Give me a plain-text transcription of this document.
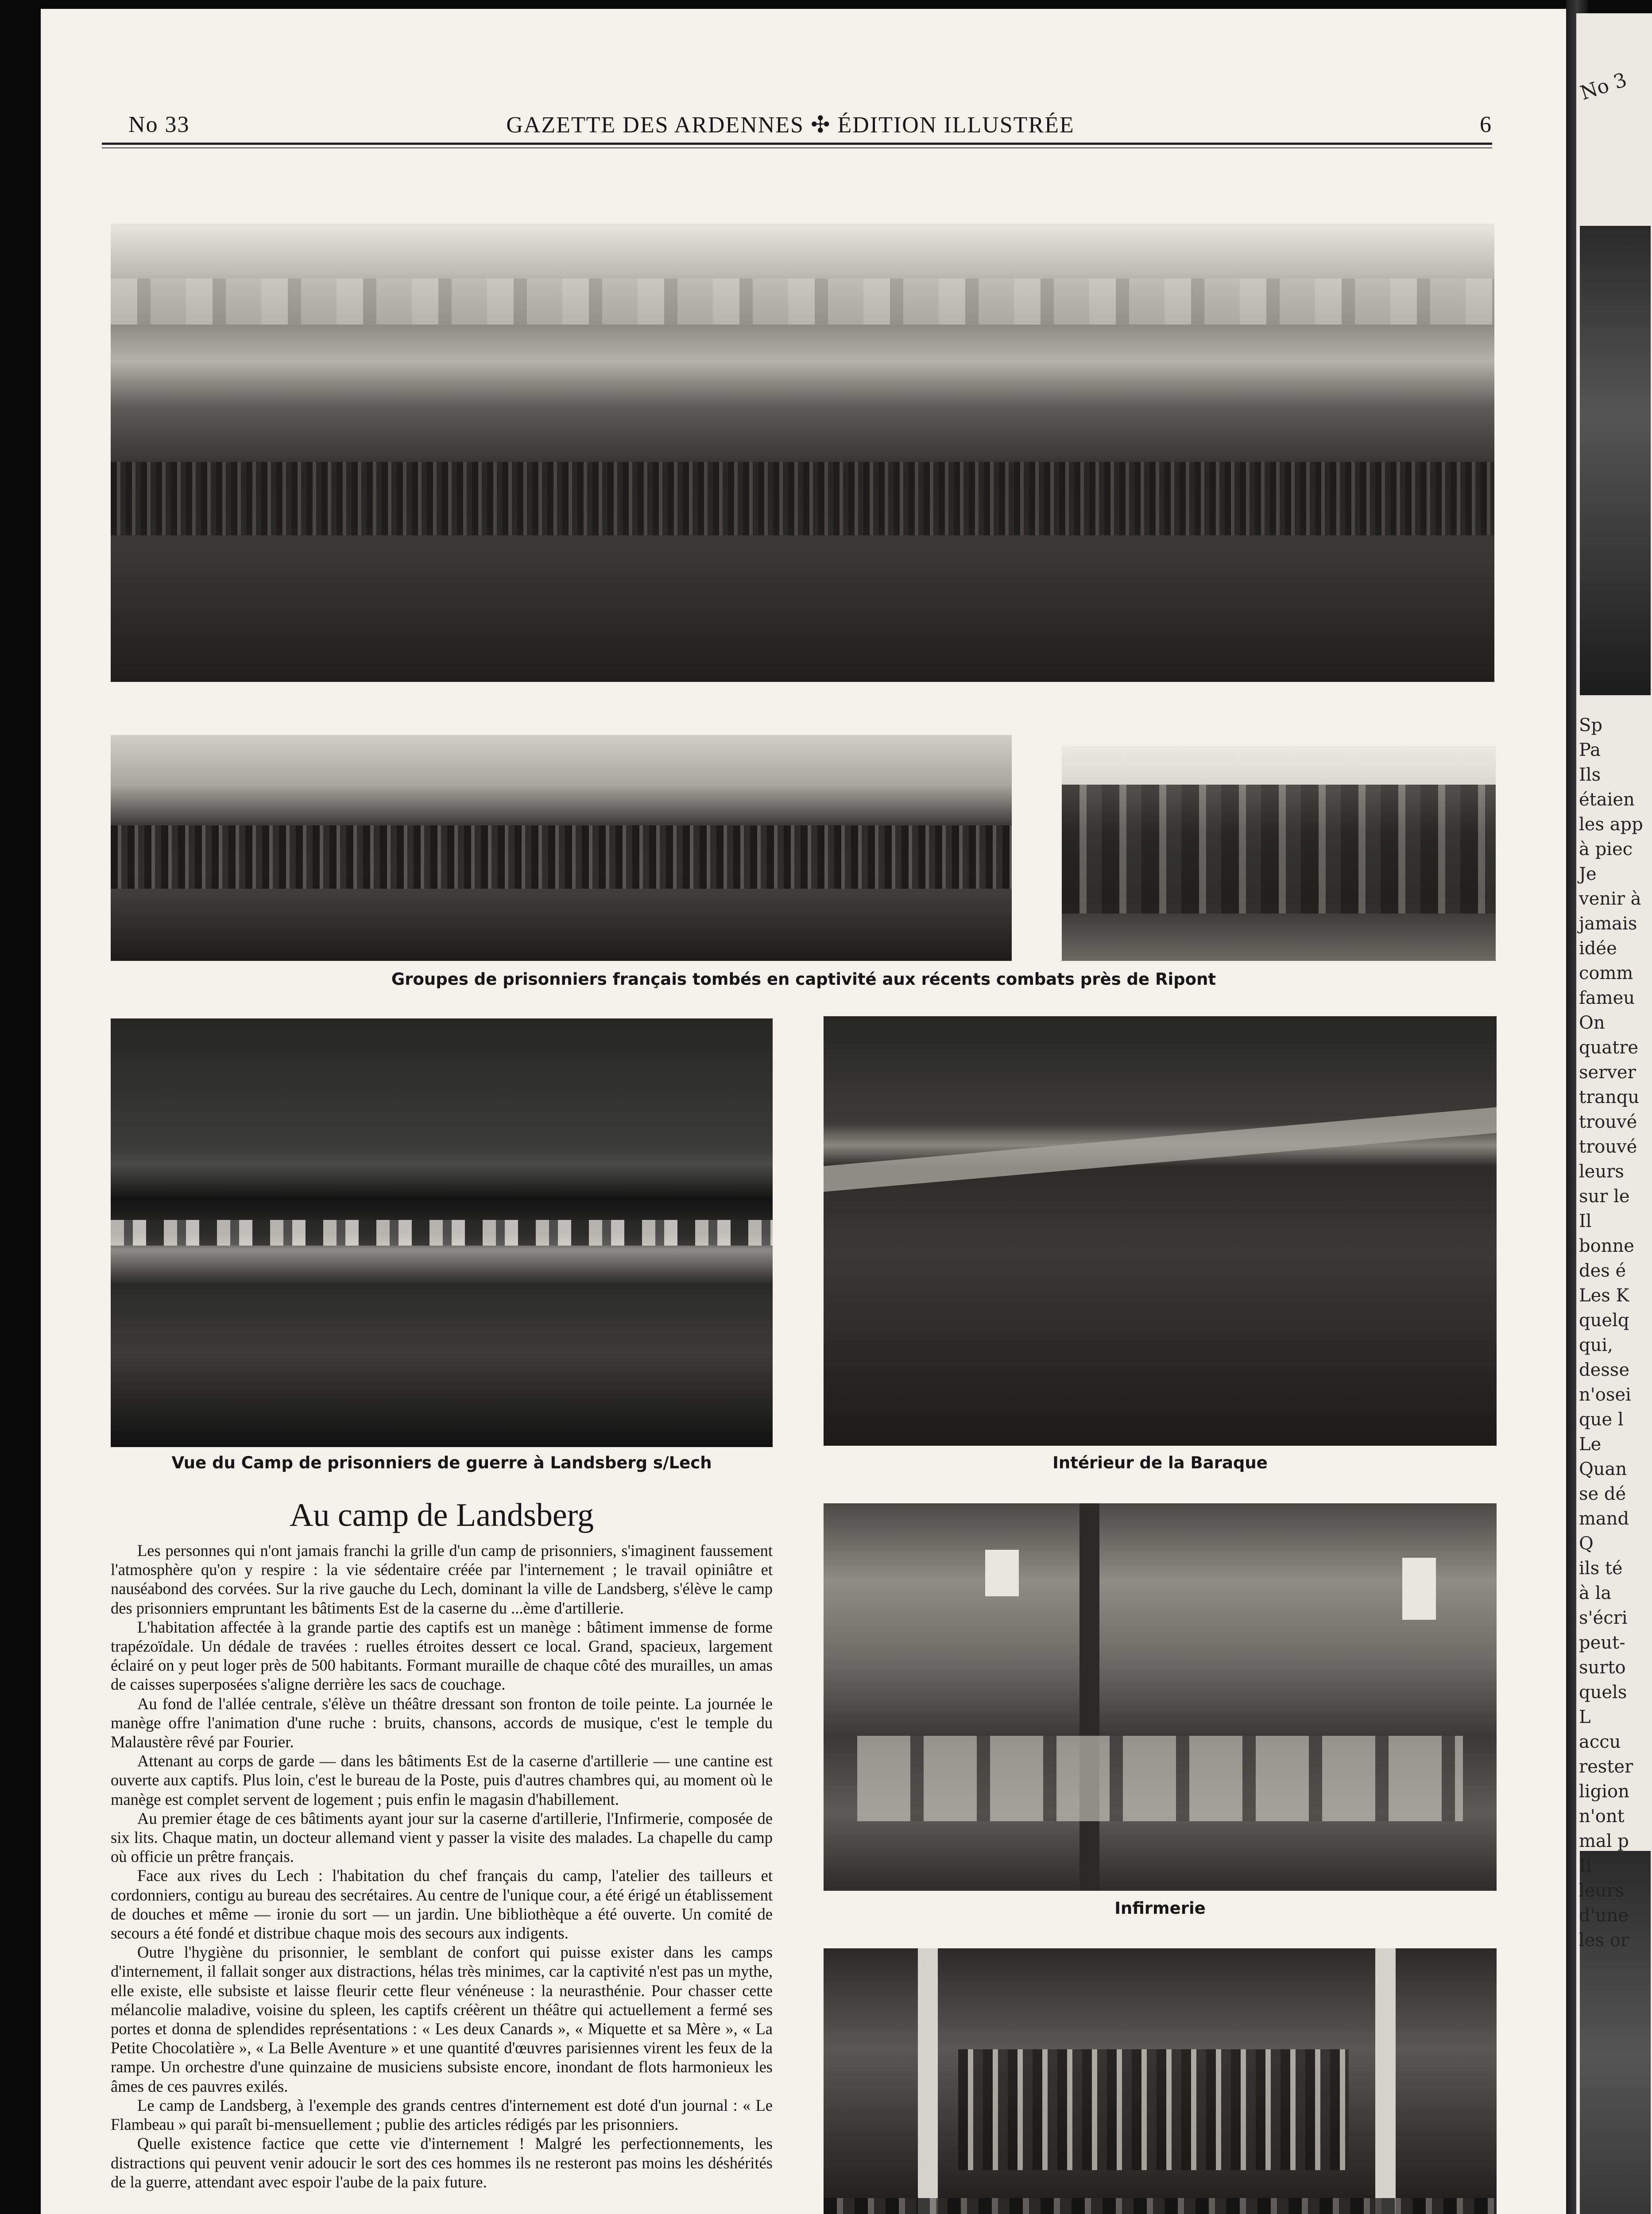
No 3
Sp
Pa
Ils
étaien
les app
à piec
Je
venir à
jamais
idée
comm
fameu
On
quatre
server
tranqu
trouvé
trouvé
leurs
sur le
Il
bonne
des é
Les K
quelq
qui,
desse
n'osei
que l
Le
Quan
se dé
mand
Q
ils té
à la
s'écri
peut-
surto
quels
L
accu
rester
ligion
n'ont
mal p
Il
leurs
d'une
les or
No 33	GAZETTE DES ARDENNES ✣ ÉDITION ILLUSTRÉE	6
Groupes de prisonniers français tombés en captivité aux récents combats près de Ripont
Vue du Camp de prisonniers de guerre à Landsberg s/Lech	Intérieur de la Baraque
Infirmerie
Au camp de Landsberg

Les personnes qui n'ont jamais franchi la grille d'un camp de prisonniers, s'imaginent faussement l'atmosphère qu'on y respire : la vie sédentaire créée par l'internement ; le travail opiniâtre et nauséabond des corvées. Sur la rive gauche du Lech, dominant la ville de Landsberg, s'élève le camp des prisonniers empruntant les bâtiments Est de la caserne du ...ème d'artillerie.

L'habitation affectée à la grande partie des captifs est un manège : bâtiment immense de forme trapézoïdale. Un dédale de travées : ruelles étroites dessert ce local. Grand, spacieux, largement éclairé on y peut loger près de 500 habitants. Formant muraille de chaque côté des murailles, un amas de caisses superposées s'aligne derrière les sacs de couchage.

Au fond de l'allée centrale, s'élève un théâtre dressant son fronton de toile peinte. La journée le manège offre l'animation d'une ruche : bruits, chansons, accords de musique, c'est le temple du Malaustère rêvé par Fourier.

Attenant au corps de garde — dans les bâtiments Est de la caserne d'artillerie — une cantine est ouverte aux captifs. Plus loin, c'est le bureau de la Poste, puis d'autres chambres qui, au moment où le manège est complet servent de logement ; puis enfin le magasin d'habillement.

Au premier étage de ces bâtiments ayant jour sur la caserne d'artillerie, l'Infirmerie, composée de six lits. Chaque matin, un docteur allemand vient y passer la visite des malades. La chapelle du camp où officie un prêtre français.

Face aux rives du Lech : l'habitation du chef français du camp, l'atelier des tailleurs et cordonniers, contigu au bureau des secrétaires. Au centre de l'unique cour, a été érigé un établissement de douches et même — ironie du sort — un jardin. Une bibliothèque a été ouverte. Un comité de secours a été fondé et distribue chaque mois des secours aux indigents.

Outre l'hygiène du prisonnier, le semblant de confort qui puisse exister dans les camps d'internement, il fallait songer aux distractions, hélas très minimes, car la captivité n'est pas un mythe, elle existe, elle subsiste et laisse fleurir cette fleur vénéneuse : la neurasthénie. Pour chasser cette mélancolie maladive, voisine du spleen, les captifs créèrent un théâtre qui actuellement a fermé ses portes et donna de splendides représentations : « Les deux Canards », « Miquette et sa Mère », « La Petite Chocolatière », « La Belle Aventure » et une quantité d'œuvres parisiennes virent les feux de la rampe. Un orchestre d'une quinzaine de musiciens subsiste encore, inondant de flots harmonieux les âmes de ces pauvres exilés.

Le camp de Landsberg, à l'exemple des grands centres d'internement est doté d'un journal : « Le Flambeau » qui paraît bi-mensuellement ; publie des articles rédigés par les prisonniers.

Quelle existence factice que cette vie d'internement ! Malgré les perfectionnements, les distractions qui peuvent venir adoucir le sort des ces hommes ils ne resteront pas moins les déshérités de la guerre, attendant avec espoir l'aube de la paix future.
